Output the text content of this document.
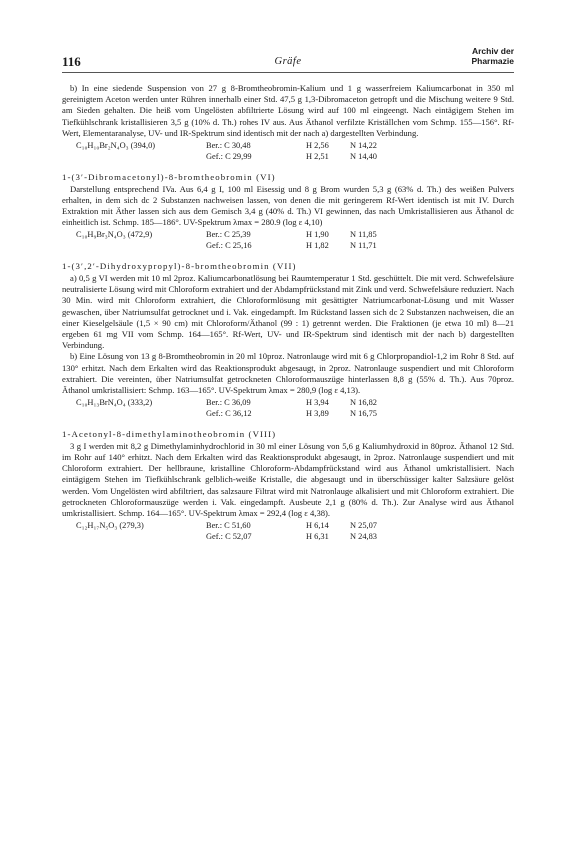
116	Gräfe
Archiv der
Pharmazie

b) In eine siedende Suspension von 27 g 8-Bromtheobromin-Kalium und 1 g wasserfreiem Kaliumcarbonat in 350 ml gereinigtem Aceton werden unter Rühren innerhalb einer Std. 47,5 g 1,3-Dibromaceton getropft und die Mischung weitere 9 Std. am Sieden gehalten. Die heiß vom Ungelösten abfiltrierte Lösung wird auf 100 ml eingeengt. Nach eintägigem Stehen im Tiefkühlschrank kristallisieren 3,5 g (10% d. Th.) rohes IV aus. Aus Äthanol verfilzte Kriställchen vom Schmp. 155—156°. Rf-Wert, Elementaranalyse, UV- und IR-Spektrum sind identisch mit der nach a) dargestellten Verbindung.

C₁₀H₁₀Br₂N₄O₃ (394,0)	Ber.: C 30,48	H 2,56	N 14,22
Gef.: C 29,99	H 2,51	N 14,40
1-(3′-Dibromacetonyl)-8-bromtheobromin (VI)

Darstellung entsprechend IVa. Aus 6,4 g I, 100 ml Eisessig und 8 g Brom wurden 5,3 g (63% d. Th.) des weißen Pulvers erhalten, in dem sich dc 2 Substanzen nachweisen lassen, von denen die mit geringerem Rf-Wert identisch ist mit IV. Durch Extraktion mit Äther lassen sich aus dem Gemisch 3,4 g (40% d. Th.) VI gewinnen, das nach Umkristallisieren aus Äthanol dc einheitlich ist. Schmp. 185—186°. UV-Spektrum λmax = 280.9 (log ε 4,10)

C₁₀H₉Br₃N₄O₃ (472,9)	Ber.: C 25,39	H 1,90	N 11,85
Gef.: C 25,16	H 1,82	N 11,71
1-(3′,2′-Dihydroxypropyl)-8-bromtheobromin (VII)

a) 0,5 g VI werden mit 10 ml 2proz. Kaliumcarbonatlösung bei Raumtemperatur 1 Std. geschüttelt. Die mit verd. Schwefelsäure neutralisierte Lösung wird mit Chloroform extrahiert und der Abdampfrückstand mit Zink und verd. Schwefelsäure reduziert. Nach 30 Min. wird mit Chloroform extrahiert, die Chloroformlösung mit gesättigter Natriumcarbonat-Lösung und mit Wasser gewaschen, über Natriumsulfat getrocknet und i. Vak. eingedampft. Im Rückstand lassen sich dc 2 Substanzen nachweisen, die an einer Kieselgelsäule (1,5 × 90 cm) mit Chloroform/Äthanol (99 : 1) getrennt werden. Die Fraktionen (je etwa 10 ml) 8—21 ergeben 61 mg VII vom Schmp. 164—165°. Rf-Wert, UV- und IR-Spektrum sind identisch mit der nach b) dargestellten Verbindung.

b) Eine Lösung von 13 g 8-Bromtheobromin in 20 ml 10proz. Natronlauge wird mit 6 g Chlorpropandiol-1,2 im Rohr 8 Std. auf 130° erhitzt. Nach dem Erkalten wird das Reaktionsprodukt abgesaugt, in 2proz. Natronlauge suspendiert und mit Chloroform extrahiert. Die vereinten, über Natriumsulfat getrockneten Chloroformauszüge hinterlassen 8,8 g (55% d. Th.). Aus 70proz. Äthanol umkristallisiert: Schmp. 163—165°. UV-Spektrum λmax = 280,9 (log ε 4,13).

C₁₀H₁₃BrN₄O₄ (333,2)	Ber.: C 36,09	H 3,94	N 16,82
Gef.: C 36,12	H 3,89	N 16,75
1-Acetonyl-8-dimethylaminotheobromin (VIII)

3 g I werden mit 8,2 g Dimethylaminhydrochlorid in 30 ml einer Lösung von 5,6 g Kaliumhydroxid in 80proz. Äthanol 12 Std. im Rohr auf 140° erhitzt. Nach dem Erkalten wird das Reaktionsprodukt abgesaugt, in 2proz. Natronlauge suspendiert und mit Chloroform extrahiert. Der hellbraune, kristalline Chloroform-Abdampfrückstand wird aus Äthanol umkristallisiert. Nach eintägigem Stehen im Tiefkühlschrank gelblich-weiße Kristalle, die abgesaugt und in überschüssiger kalter Salzsäure gelöst werden. Vom Ungelösten wird abfiltriert, das salzsaure Filtrat wird mit Natronlauge alkalisiert und mit Chloroform extrahiert. Die getrockneten Chloroformauszüge werden i. Vak. eingedampft. Ausbeute 2,1 g (80% d. Th.). Zur Analyse wird aus Äthanol umkristallisiert. Schmp. 164—165°. UV-Spektrum λmax = 292,4 (log ε 4,38).

C₁₂H₁₇N₅O₃ (279,3)	Ber.: C 51,60	H 6,14	N 25,07
Gef.: C 52,07	H 6,31	N 24,83
